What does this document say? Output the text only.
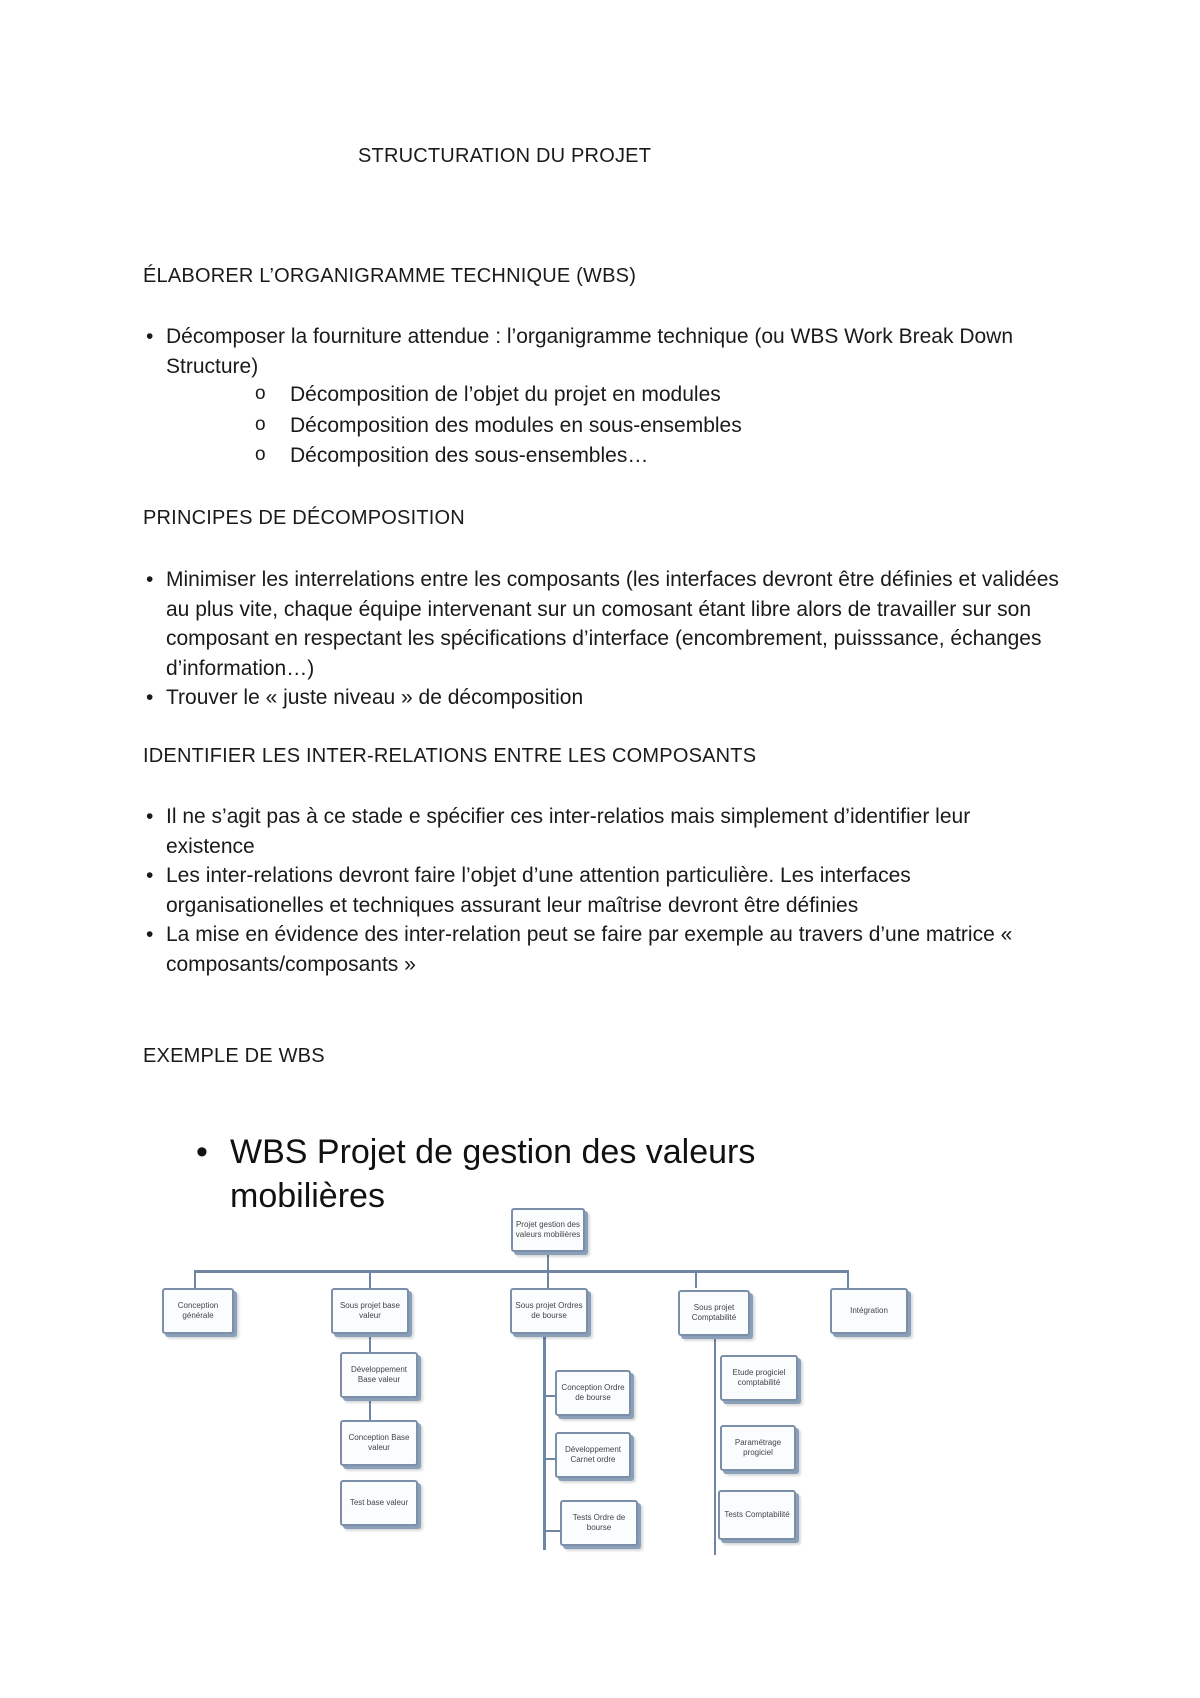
STRUCTURATION DU PROJET
ÉLABORER L’ORGANIGRAMME TECHNIQUE (WBS)
• Décomposer la fourniture attendue : l’organigramme technique (ou WBS Work Break Down Structure)
o Décomposition de l’objet du projet en modules
o Décomposition des modules en sous-ensembles
o Décomposition des sous-ensembles…
PRINCIPES DE DÉCOMPOSITION
• Minimiser les interrelations entre les composants (les interfaces devront être définies et validées au plus vite, chaque équipe intervenant sur un comosant étant libre alors de travailler sur son composant en respectant les spécifications d’interface (encombrement, puisssance, échanges d’information…)
• Trouver le « juste niveau » de décomposition
IDENTIFIER LES INTER-RELATIONS ENTRE LES COMPOSANTS
• Il ne s’agit pas à ce stade e spécifier ces inter-relatios mais simplement d’identifier leur existence
• Les inter-relations devront faire l’objet d’une attention particulière. Les interfaces organisationelles et techniques assurant leur maîtrise devront être définies
• La mise en évidence des inter-relation peut se faire par exemple au travers d’une matrice « composants/composants »
EXEMPLE DE WBS
• WBS Projet de gestion des valeurs
mobilières
Projet gestion des valeurs mobilières
Conception générale
Sous projet base valeur
Sous projet Ordres de bourse
Sous projet Comptabilité
Intégration
Développement Base valeur
Conception Base valeur
Test base valeur
Conception Ordre de bourse
Développement Carnet ordre
Tests Ordre de bourse
Etude progiciel comptabilité
Paramétrage progiciel
Tests Comptabilité
